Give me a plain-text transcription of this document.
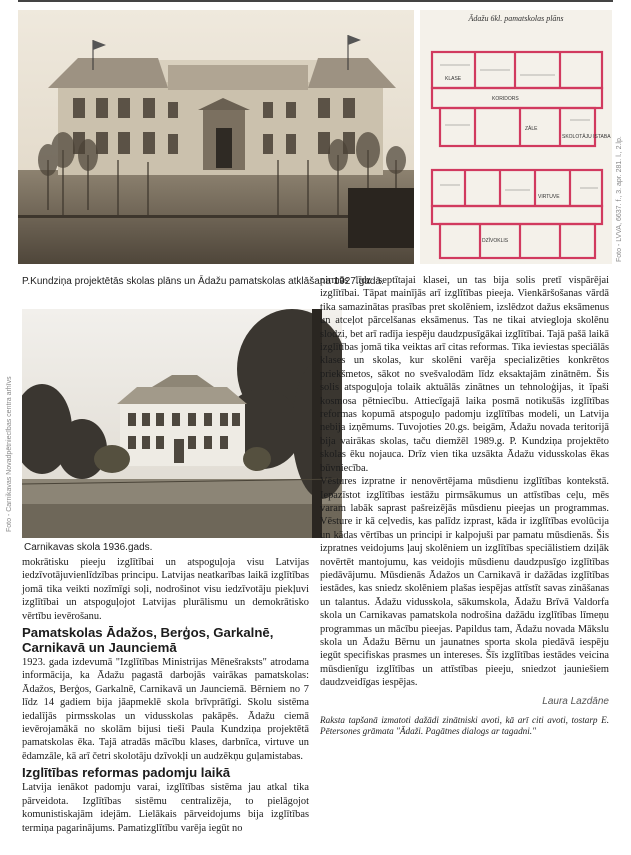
KORIDORS
KLASE
ZĀLE
SKOLOTĀJU ISTABA
DZĪVOKLIS
VIRTUVE
Ādažu 6kl. pamatskolas plāns
Foto - LVVA, 6637. f., 3. apr. 281. l., 2.lp.
P.Kundziņa projektētās skolas plāns un Ādažu pamatskolas atklāšana 1927.gadā.
Foto - Carnikavas Novadpētniecības centra arhīvs
Carnikavas skola 1936.gads.

mokrātisku pieeju izglītībai un atspoguļoja visu Latvijas iedzīvotājuvienlīdzības principu. Latvijas neatkarības laikā izglītības jomā tika veikti nozīmīgi soļi, nodrošinot visu iedzīvotāju piekļuvi izglītībai un atspoguļojot Latvijas plurālismu un demokrātisko vērtību ievērošanu.

Pamatskolas Ādažos, Berģos, Garkalnē, Carnikavā un Jaunciemā

1923. gada izdevumā "Izglītības Ministrijas Mēnešraksts" atrodama informācija, ka Ādažu pagastā darbojās vairākas pamatskolas: Ādažos, Berģos, Garkalnē, Carnikavā un Jaunciemā. Bērniem no 7 līdz 14 gadiem bija jāapmeklē skola brīvprātīgi. Skolu sistēma iedalījās pirmsskolas un vidusskolas pakāpēs. Ādažu ciemā ievērojamākā no skolām bijusi tieši Paula Kundziņa projektētā pamatskolas ēka. Tajā atradās mācību klases, darbnīca, virtuve un ēdamzāle, kā arī četri skolotāju dzīvokļi un audzēkņu guļamistabas.

Izglītības reformas padomju laikā

Latvija ienākot padomju varai, izglītības sistēma jau atkal tika pārveidota. Izglītības sistēmu centralizēja, to pielāgojot komunistiskajām idejām. Lielākais pārveidojums bija izglītības termiņa pagarinājums. Pamatizglītību varēja iegūt no

pirmās līdz septītajai klasei, un tas bija solis pretī vispārējai izglītībai. Tāpat mainījās arī izglītības pieeja. Vienkāršošanas vārdā tika samazinātas prasības pret skolēniem, izslēdzot dažus eksāmenus un atceļot pārcelšanas eksāmenus. Tas ne tikai atviegloja skolēnu slodzi, bet arī radīja iespēju daudzpusīgākai izglītībai. Tajā pašā laikā izglītības jomā tika veiktas arī citas reformas. Tika ieviestas speciālās klases un skolas, kur skolēni varēja specializēties konkrētos priekšmetos, sākot no svešvalodām līdz eksaktajām zinātnēm. Šis solis atspoguļoja tolaik aktuālās zinātnes un tehnoloģijas, it īpaši kosmosa pētniecību. Attiecīgajā laika posmā notikušās izglītības reformas kopumā atspoguļo padomju izglītības modeli, un Latvija nebija izņēmums. Tuvojoties 20.gs. beigām, Ādažu novada teritorijā bija vairākas skolas, taču diemžēl 1989.g. P. Kundziņa projektēto skolas ēku nojauca. Drīz vien tika uzsākta Ādažu vidusskolas ēkas būvniecība.

Vēstures izpratne ir nenovērtējama mūsdienu izglītības kontekstā. Iepazīstot izglītības iestāžu pirmsākumus un attīstības ceļu, mēs varam labāk saprast pašreizējās mūsdienu pieejas un programmas. Vēsture ir kā ceļvedis, kas palīdz izprast, kāda ir izglītības evolūcija un kādas vērtības un principi ir kalpojuši par pamatu mūsdienās. Šis izpratnes veidojums ļauj skolēniem un izglītības speciālistiem dziļāk novērtēt mantojumu, kas veidojis mūsdienu daudzpusīgo izglītības piedāvājumu. Mūsdienās Ādažos un Carnikavā ir dažādas izglītības iestādes, kas sniedz skolēniem plašas iespējas attīstīt savas zināšanas un talantus. Ādažu vidusskola, sākumskola, Ādažu Brīvā Valdorfa skola un Carnikavas pamatskola nodrošina dažādu izglītības līmeņu programmas un mācību pieejas. Papildus tam, Ādažu novada Mākslu skola un Ādažu Bērnu un jaunatnes sporta skola piedāvā iespēju iegūt specifiskas prasmes un intereses. Šīs izglītības iestādes veicina mūsdienīgu izglītības un attīstības pieeju, sniedzot jauniešiem daudzveidīgas iespējas.

Laura Lazdāne
Raksta tapšanā izmatoti dažādi zinātniski avoti, kā arī citi avoti, tostarp E. Pētersones grāmata "Ādaži. Pagātnes dialogs ar tagadni."
